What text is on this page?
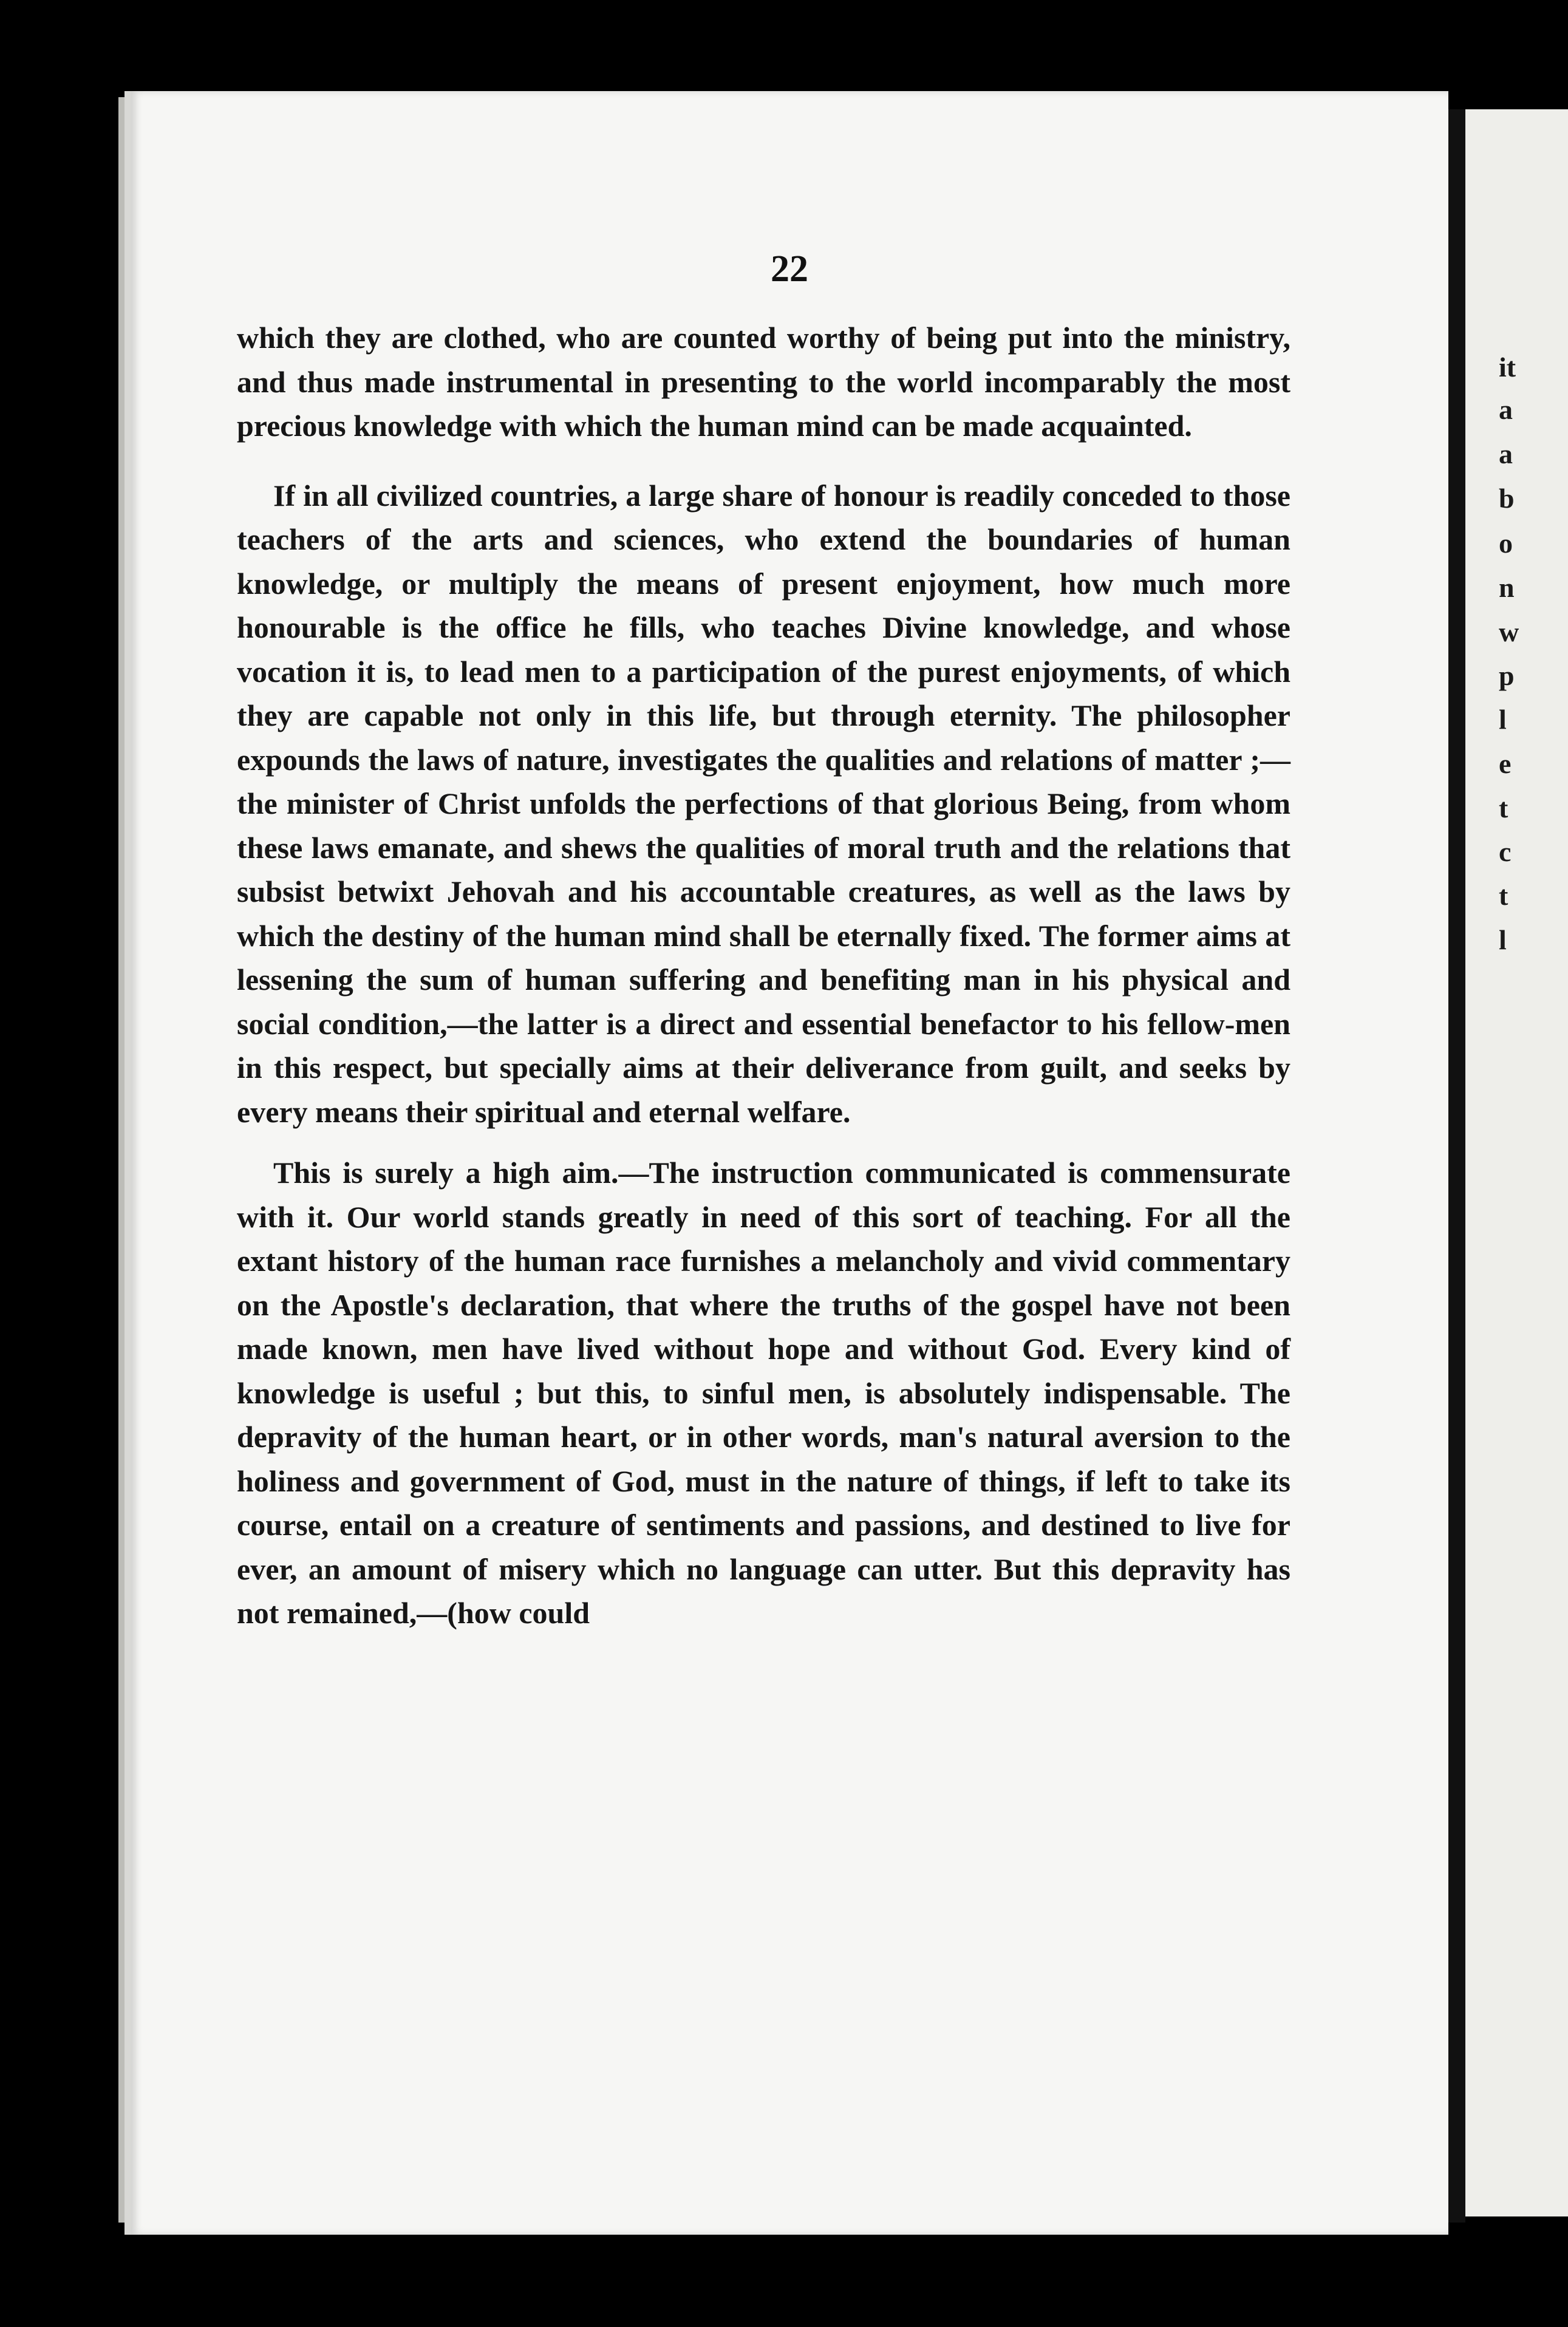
22

which they are clothed, who are counted worthy of being put into the ministry, and thus made instrumental in presenting to the world incomparably the most precious knowledge with which the human mind can be made acquainted.

If in all civilized countries, a large share of honour is readily conceded to those teachers of the arts and sciences, who extend the boundaries of human knowledge, or multiply the means of present enjoyment, how much more honourable is the office he fills, who teaches Divine knowledge, and whose vocation it is, to lead men to a participation of the purest enjoyments, of which they are capable not only in this life, but through eternity. The philosopher expounds the laws of nature, investigates the qualities and relations of matter ;—the minister of Christ unfolds the perfections of that glorious Being, from whom these laws emanate, and shews the qualities of moral truth and the relations that subsist betwixt Jehovah and his accountable creatures, as well as the laws by which the destiny of the human mind shall be eternally fixed. The former aims at lessening the sum of human suffering and benefiting man in his physical and social condition,—the latter is a direct and essential benefactor to his fellow-men in this respect, but specially aims at their deliverance from guilt, and seeks by every means their spiritual and eternal welfare.

This is surely a high aim.—The instruction communicated is commensurate with it. Our world stands greatly in need of this sort of teaching. For all the extant history of the human race furnishes a melancholy and vivid commentary on the Apostle's declaration, that where the truths of the gospel have not been made known, men have lived without hope and without God. Every kind of knowledge is useful ; but this, to sinful men, is absolutely indispensable. The depravity of the human heart, or in other words, man's natural aversion to the holiness and government of God, must in the nature of things, if left to take its course, entail on a creature of sentiments and passions, and destined to live for ever, an amount of misery which no language can utter. But this depravity has not remained,—(how could

it
a
a
b
o
n
w
p
l
e
t
c
t
l
